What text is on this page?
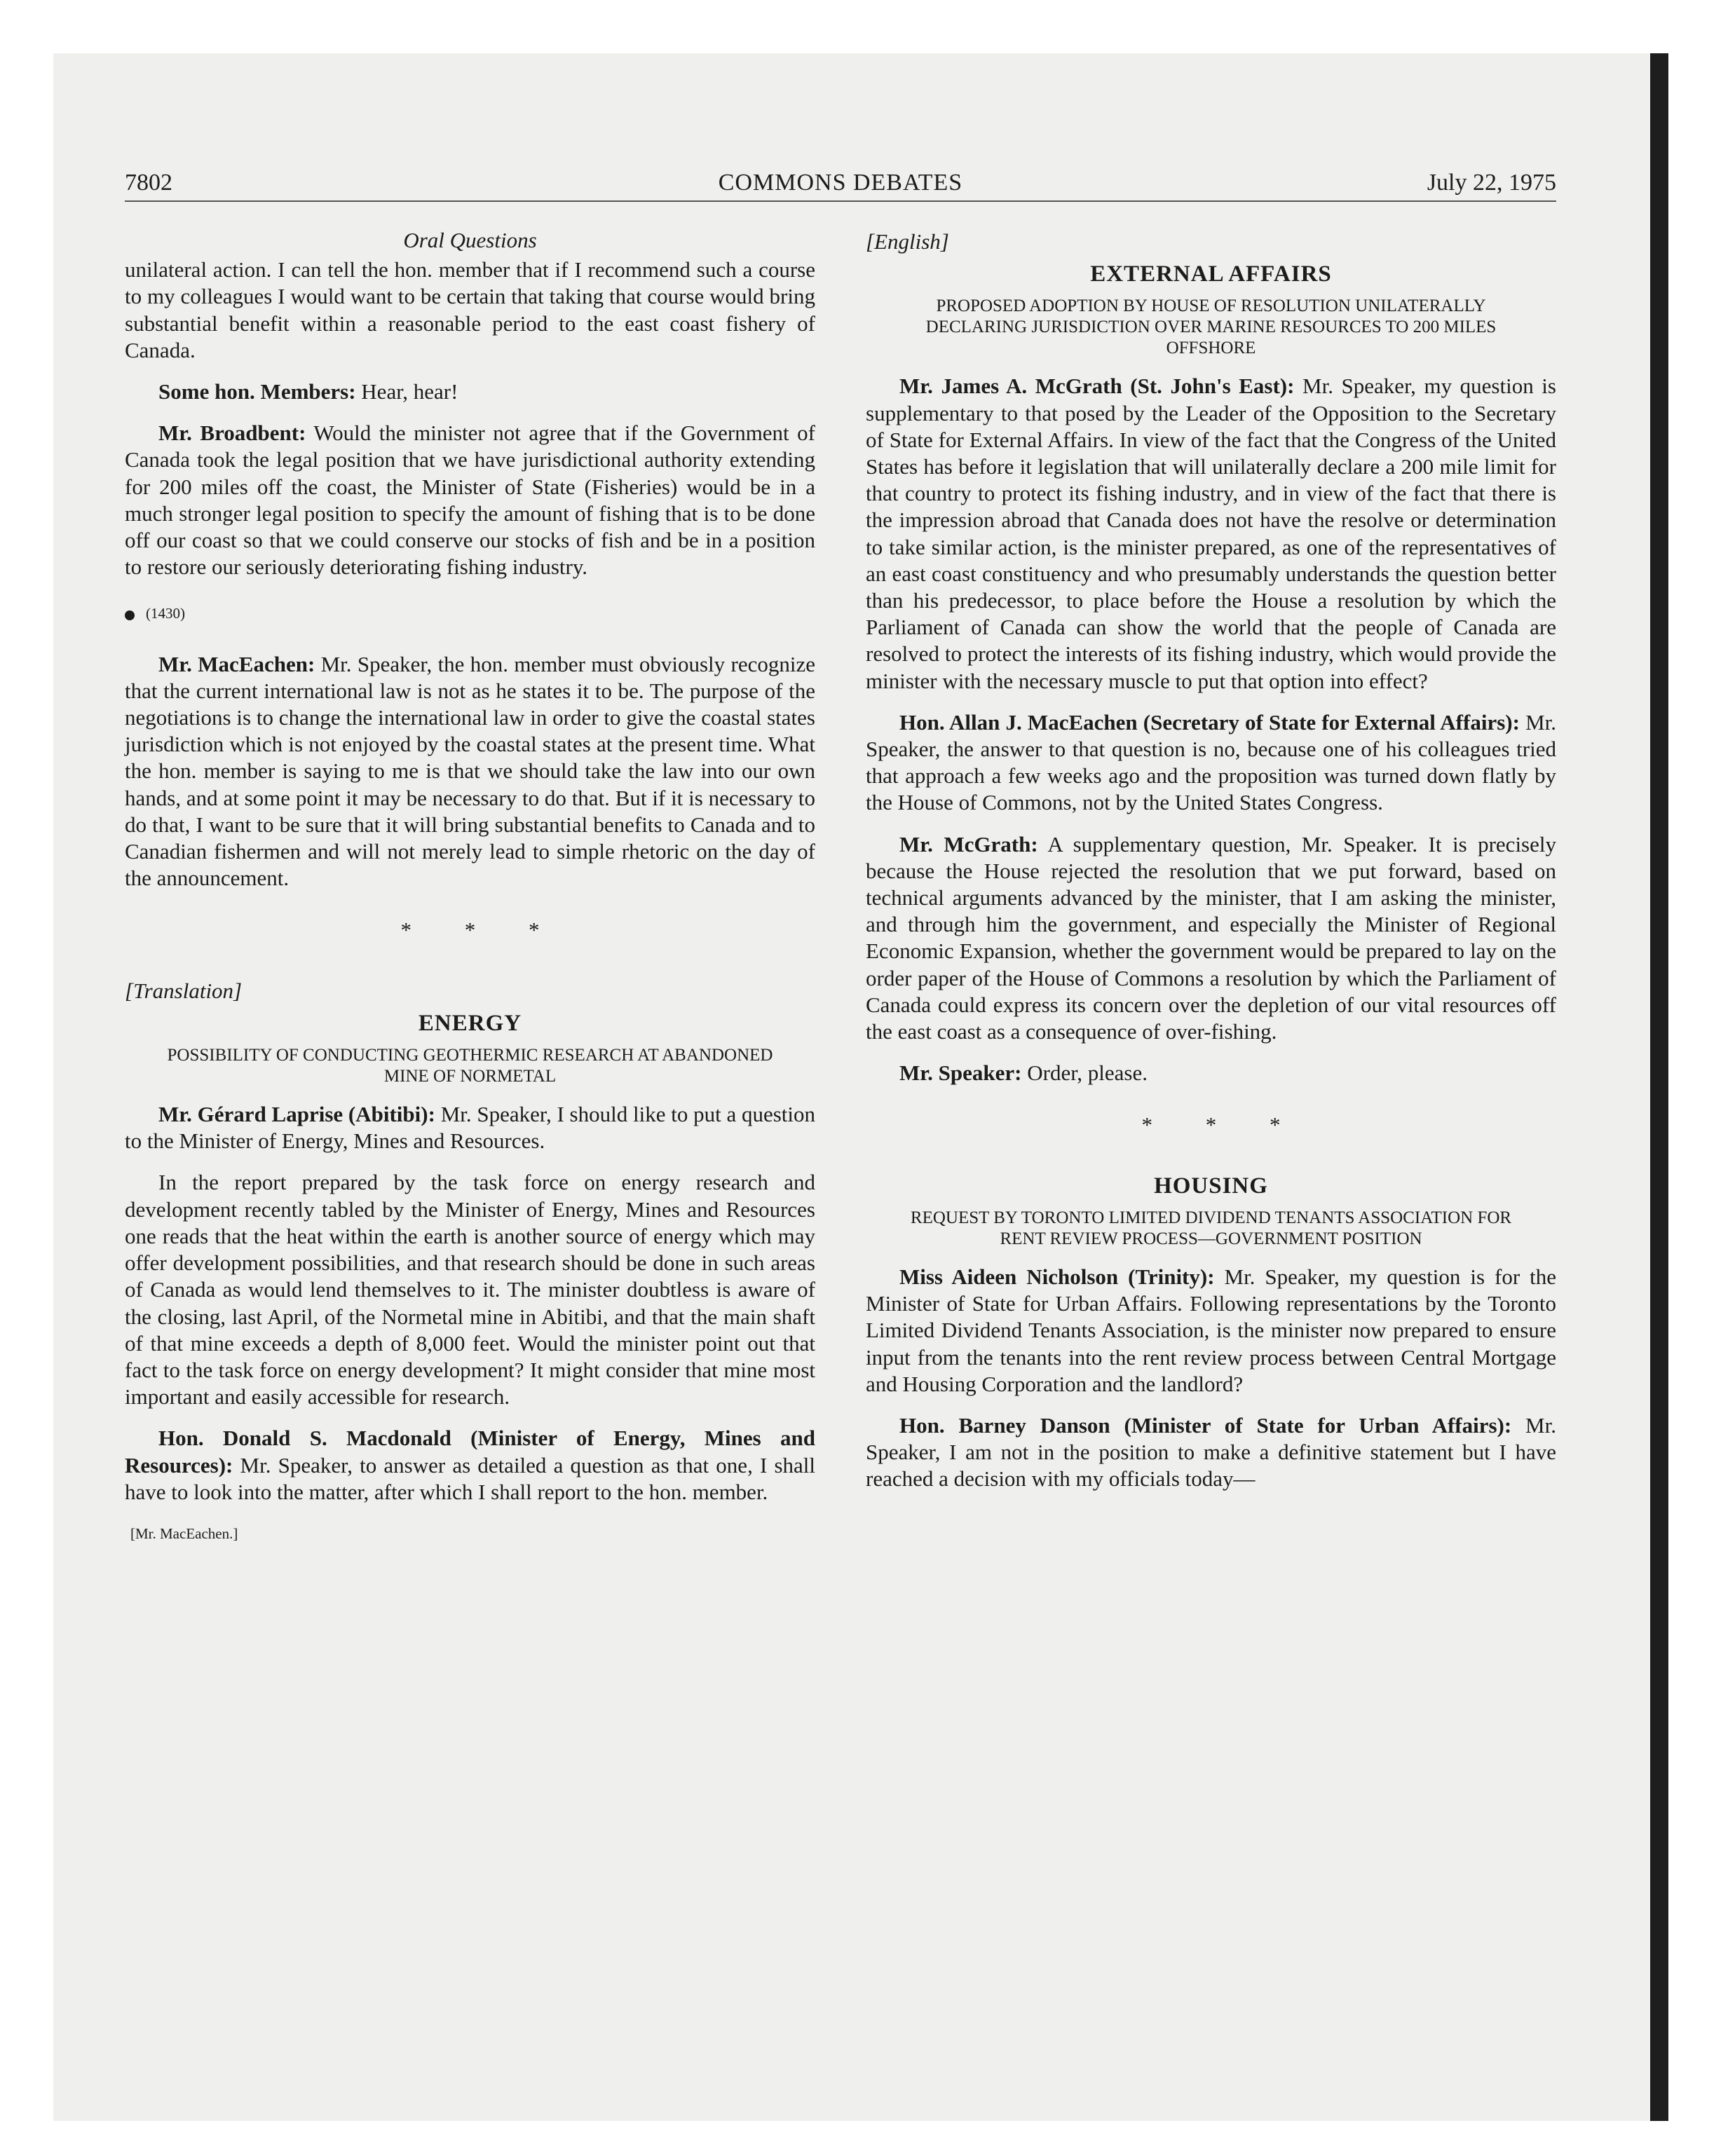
COMMONS DEBATES
7802	July 22, 1975
Oral Questions

unilateral action. I can tell the hon. member that if I recommend such a course to my colleagues I would want to be certain that taking that course would bring substantial benefit within a reasonable period to the east coast fishery of Canada.

Some hon. Members: Hear, hear!

Mr. Broadbent: Would the minister not agree that if the Government of Canada took the legal position that we have jurisdictional authority extending for 200 miles off the coast, the Minister of State (Fisheries) would be in a much stronger legal position to specify the amount of fishing that is to be done off our coast so that we could conserve our stocks of fish and be in a position to restore our seriously deteriorating fishing industry.

(1430)

Mr. MacEachen: Mr. Speaker, the hon. member must obviously recognize that the current international law is not as he states it to be. The purpose of the negotiations is to change the international law in order to give the coastal states jurisdiction which is not enjoyed by the coastal states at the present time. What the hon. member is saying to me is that we should take the law into our own hands, and at some point it may be necessary to do that. But if it is necessary to do that, I want to be sure that it will bring substantial benefits to Canada and to Canadian fishermen and will not merely lead to simple rhetoric on the day of the announcement.

* * *
[Translation]
ENERGY
POSSIBILITY OF CONDUCTING GEOTHERMIC RESEARCH AT ABANDONED MINE OF NORMETAL

Mr. Gérard Laprise (Abitibi): Mr. Speaker, I should like to put a question to the Minister of Energy, Mines and Resources.

In the report prepared by the task force on energy research and development recently tabled by the Minister of Energy, Mines and Resources one reads that the heat within the earth is another source of energy which may offer development possibilities, and that research should be done in such areas of Canada as would lend themselves to it. The minister doubtless is aware of the closing, last April, of the Normetal mine in Abitibi, and that the main shaft of that mine exceeds a depth of 8,000 feet. Would the minister point out that fact to the task force on energy development? It might consider that mine most important and easily accessible for research.

Hon. Donald S. Macdonald (Minister of Energy, Mines and Resources): Mr. Speaker, to answer as detailed a question as that one, I shall have to look into the matter, after which I shall report to the hon. member.

[Mr. MacEachen.]
[English]
EXTERNAL AFFAIRS
PROPOSED ADOPTION BY HOUSE OF RESOLUTION UNILATERALLY DECLARING JURISDICTION OVER MARINE RESOURCES TO 200 MILES OFFSHORE

Mr. James A. McGrath (St. John's East): Mr. Speaker, my question is supplementary to that posed by the Leader of the Opposition to the Secretary of State for External Affairs. In view of the fact that the Congress of the United States has before it legislation that will unilaterally declare a 200 mile limit for that country to protect its fishing industry, and in view of the fact that there is the impression abroad that Canada does not have the resolve or determination to take similar action, is the minister prepared, as one of the representatives of an east coast constituency and who presumably understands the question better than his predecessor, to place before the House a resolution by which the Parliament of Canada can show the world that the people of Canada are resolved to protect the interests of its fishing industry, which would provide the minister with the necessary muscle to put that option into effect?

Hon. Allan J. MacEachen (Secretary of State for External Affairs): Mr. Speaker, the answer to that question is no, because one of his colleagues tried that approach a few weeks ago and the proposition was turned down flatly by the House of Commons, not by the United States Congress.

Mr. McGrath: A supplementary question, Mr. Speaker. It is precisely because the House rejected the resolution that we put forward, based on technical arguments advanced by the minister, that I am asking the minister, and through him the government, and especially the Minister of Regional Economic Expansion, whether the government would be prepared to lay on the order paper of the House of Commons a resolution by which the Parliament of Canada could express its concern over the depletion of our vital resources off the east coast as a consequence of over-fishing.

Mr. Speaker: Order, please.

* * *
HOUSING
REQUEST BY TORONTO LIMITED DIVIDEND TENANTS ASSOCIATION FOR RENT REVIEW PROCESS—GOVERNMENT POSITION

Miss Aideen Nicholson (Trinity): Mr. Speaker, my question is for the Minister of State for Urban Affairs. Following representations by the Toronto Limited Dividend Tenants Association, is the minister now prepared to ensure input from the tenants into the rent review process between Central Mortgage and Housing Corporation and the landlord?

Hon. Barney Danson (Minister of State for Urban Affairs): Mr. Speaker, I am not in the position to make a definitive statement but I have reached a decision with my officials today—
